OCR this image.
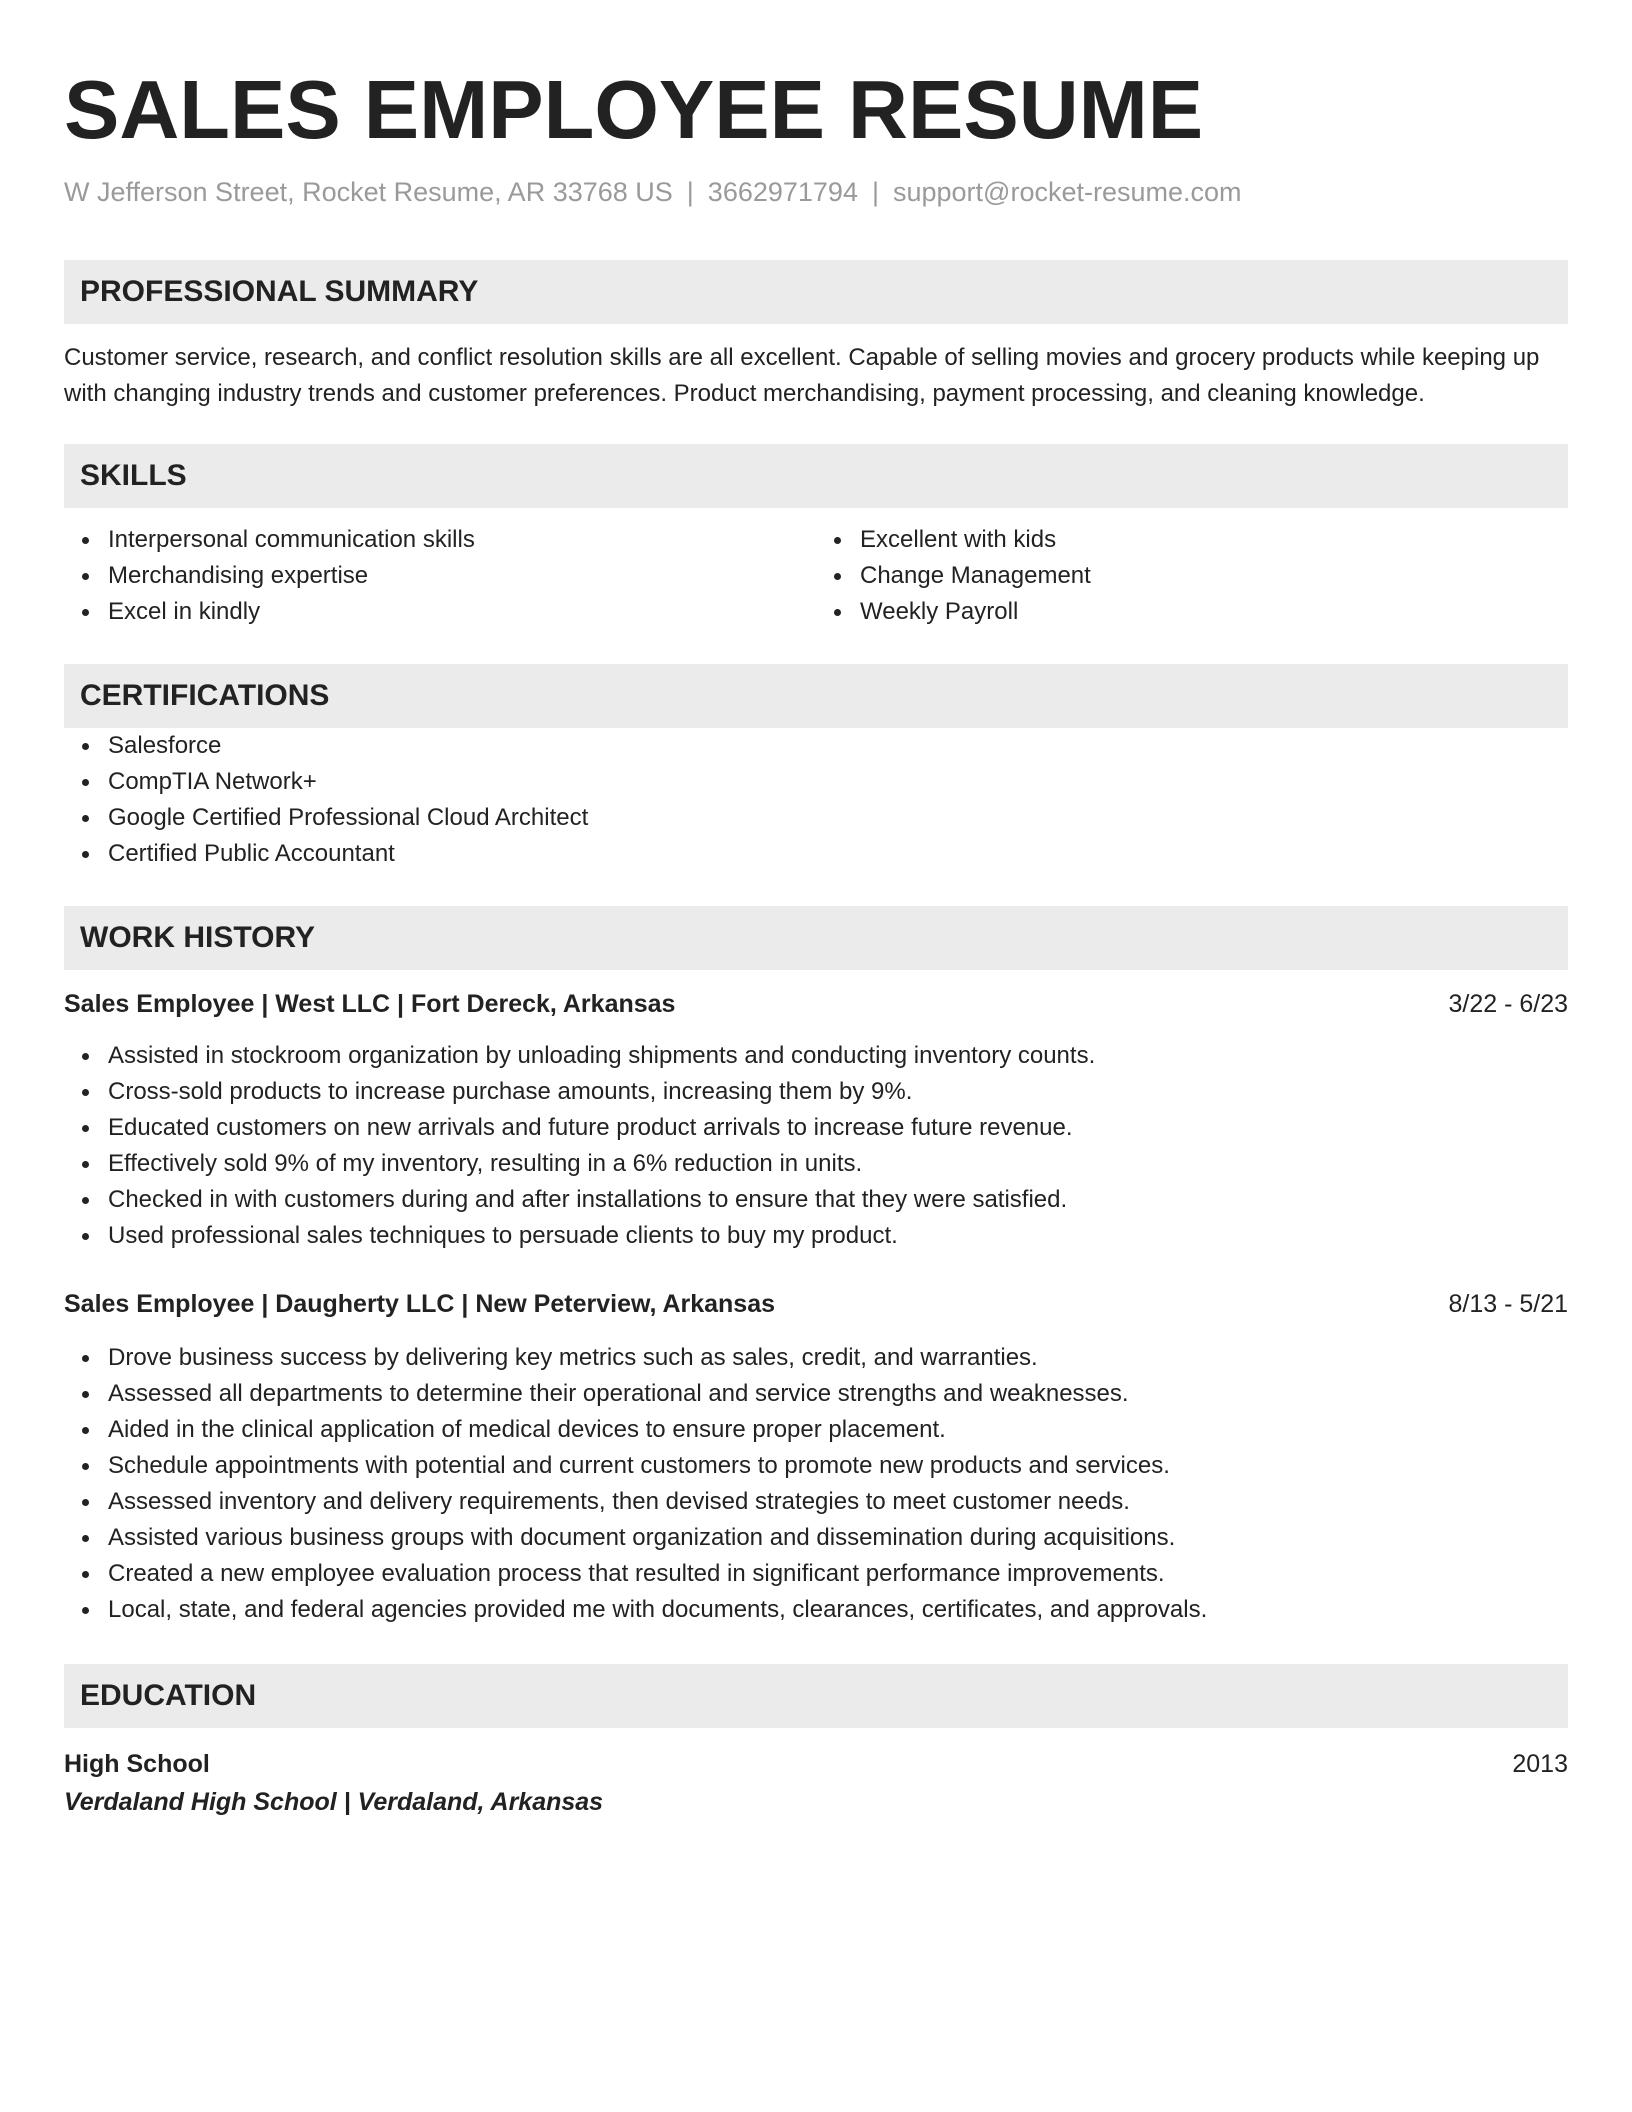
SALES EMPLOYEE RESUME
W Jefferson Street, Rocket Resume, AR 33768 US | 3662971794 | support@rocket-resume.com
PROFESSIONAL SUMMARY

Customer service, research, and conflict resolution skills are all excellent. Capable of selling movies and grocery products while keeping up with changing industry trends and customer preferences. Product merchandising, payment processing, and cleaning knowledge.

SKILLS
Interpersonal communication skills
Merchandising expertise
Excel in kindly
Excellent with kids
Change Management
Weekly Payroll
CERTIFICATIONS
Salesforce
CompTIA Network+
Google Certified Professional Cloud Architect
Certified Public Accountant
WORK HISTORY
Sales Employee | West LLC | Fort Dereck, Arkansas	3/22 - 6/23
Assisted in stockroom organization by unloading shipments and conducting inventory counts.
Cross-sold products to increase purchase amounts, increasing them by 9%.
Educated customers on new arrivals and future product arrivals to increase future revenue.
Effectively sold 9% of my inventory, resulting in a 6% reduction in units.
Checked in with customers during and after installations to ensure that they were satisfied.
Used professional sales techniques to persuade clients to buy my product.
Sales Employee | Daugherty LLC | New Peterview, Arkansas	8/13 - 5/21
Drove business success by delivering key metrics such as sales, credit, and warranties.
Assessed all departments to determine their operational and service strengths and weaknesses.
Aided in the clinical application of medical devices to ensure proper placement.
Schedule appointments with potential and current customers to promote new products and services.
Assessed inventory and delivery requirements, then devised strategies to meet customer needs.
Assisted various business groups with document organization and dissemination during acquisitions.
Created a new employee evaluation process that resulted in significant performance improvements.
Local, state, and federal agencies provided me with documents, clearances, certificates, and approvals.
EDUCATION
High School	2013
Verdaland High School | Verdaland, Arkansas
